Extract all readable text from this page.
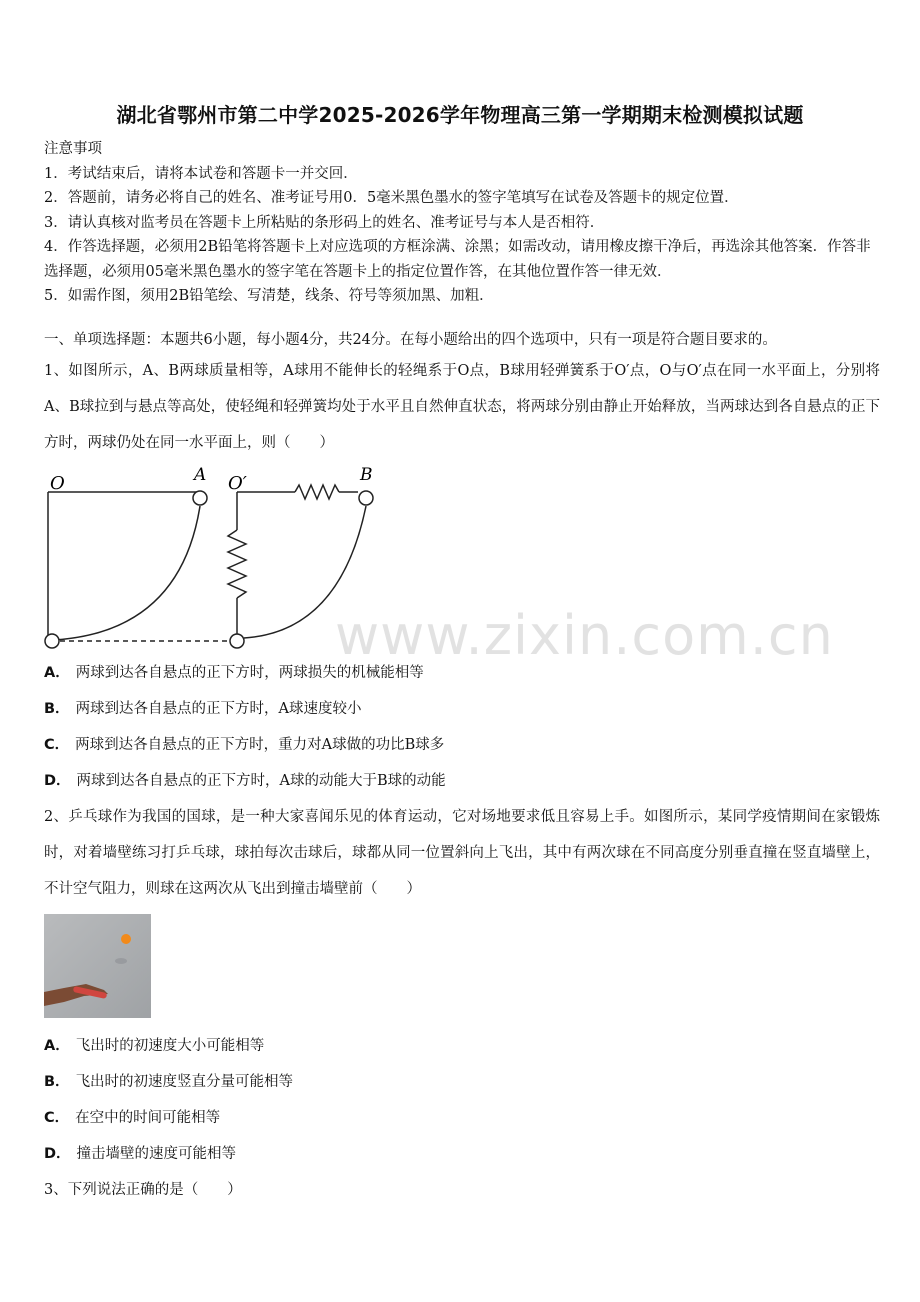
湖北省鄂州市第二中学2025-2026学年物理高三第一学期期末检测模拟试题

注意事项

1．考试结束后，请将本试卷和答题卡一并交回．

2．答题前，请务必将自己的姓名、准考证号用0．5毫米黑色墨水的签字笔填写在试卷及答题卡的规定位置．

3．请认真核对监考员在答题卡上所粘贴的条形码上的姓名、准考证号与本人是否相符．

4．作答选择题，必须用2B铅笔将答题卡上对应选项的方框涂满、涂黑；如需改动，请用橡皮擦干净后，再选涂其他答案．作答非选择题，必须用05毫米黑色墨水的签字笔在答题卡上的指定位置作答，在其他位置作答一律无效．

5．如需作图，须用2B铅笔绘、写清楚，线条、符号等须加黑、加粗．

一、单项选择题：本题共6小题，每小题4分，共24分。在每小题给出的四个选项中，只有一项是符合题目要求的。
1、如图所示，A、B两球质量相等，A球用不能伸长的轻绳系于O点，B球用轻弹簧系于O′点，O与O′点在同一水平面上，分别将A、B球拉到与悬点等高处，使轻绳和轻弹簧均处于水平且自然伸直状态，将两球分别由静止开始释放，当两球达到各自悬点的正下方时，两球仍处在同一水平面上，则（　　）
O	A O′	B
www.zixin.com.cn
A． 两球到达各自悬点的正下方时，两球损失的机械能相等
B． 两球到达各自悬点的正下方时，A球速度较小
C． 两球到达各自悬点的正下方时，重力对A球做的功比B球多
D． 两球到达各自悬点的正下方时，A球的动能大于B球的动能
2、乒乓球作为我国的国球，是一种大家喜闻乐见的体育运动，它对场地要求低且容易上手。如图所示，某同学疫情期间在家锻炼时，对着墙壁练习打乒乓球，球拍每次击球后，球都从同一位置斜向上飞出，其中有两次球在不同高度分别垂直撞在竖直墙壁上，不计空气阻力，则球在这两次从飞出到撞击墙壁前（　　）
A． 飞出时的初速度大小可能相等
B． 飞出时的初速度竖直分量可能相等
C． 在空中的时间可能相等
D． 撞击墙壁的速度可能相等
3、下列说法正确的是（　　）
